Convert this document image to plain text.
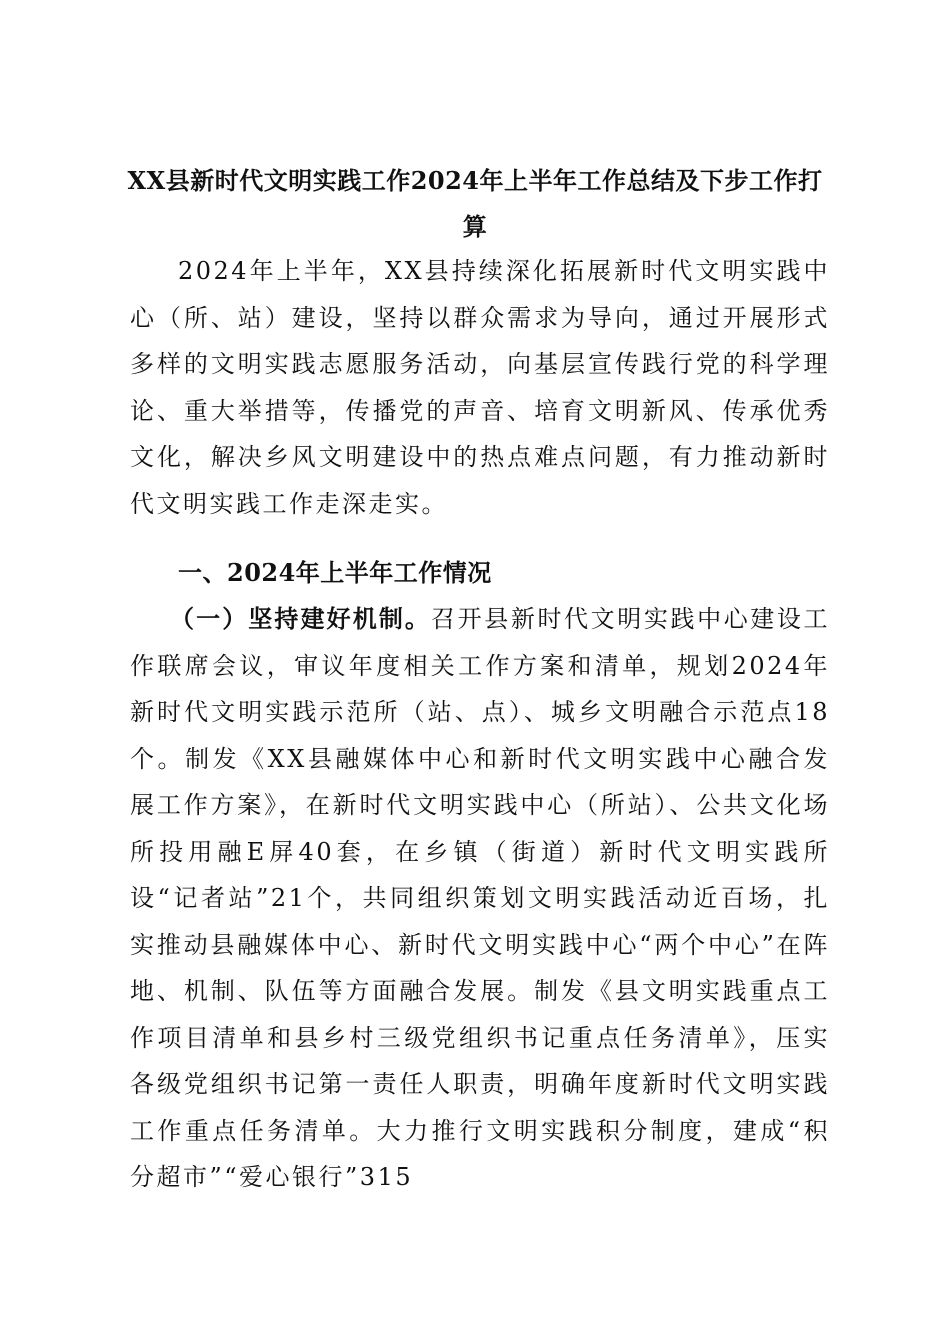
XX县新时代文明实践工作2024年上半年工作总结及下步工作打算
2024年上半年，XX县持续深化拓展新时代文明实践中心（所、站）建设，坚持以群众需求为导向，通过开展形式多样的文明实践志愿服务活动，向基层宣传践行党的科学理论、重大举措等，传播党的声音、培育文明新风、传承优秀文化，解决乡风文明建设中的热点难点问题，有力推动新时代文明实践工作走深走实。
一、2024年上半年工作情况
（一）坚持建好机制。召开县新时代文明实践中心建设工作联席会议，审议年度相关工作方案和清单，规划2024年新时代文明实践示范所（站、点）、城乡文明融合示范点18个。制发《XX县融媒体中心和新时代文明实践中心融合发展工作方案》，在新时代文明实践中心（所站）、公共文化场所投用融E屏40套，在乡镇（街道）新时代文明实践所设“记者站”21个，共同组织策划文明实践活动近百场，扎实推动县融媒体中心、新时代文明实践中心“两个中心”在阵地、机制、队伍等方面融合发展。制发《县文明实践重点工作项目清单和县乡村三级党组织书记重点任务清单》，压实各级党组织书记第一责任人职责，明确年度新时代文明实践工作重点任务清单。大力推行文明实践积分制度，建成“积分超市”“爱心银行”315
